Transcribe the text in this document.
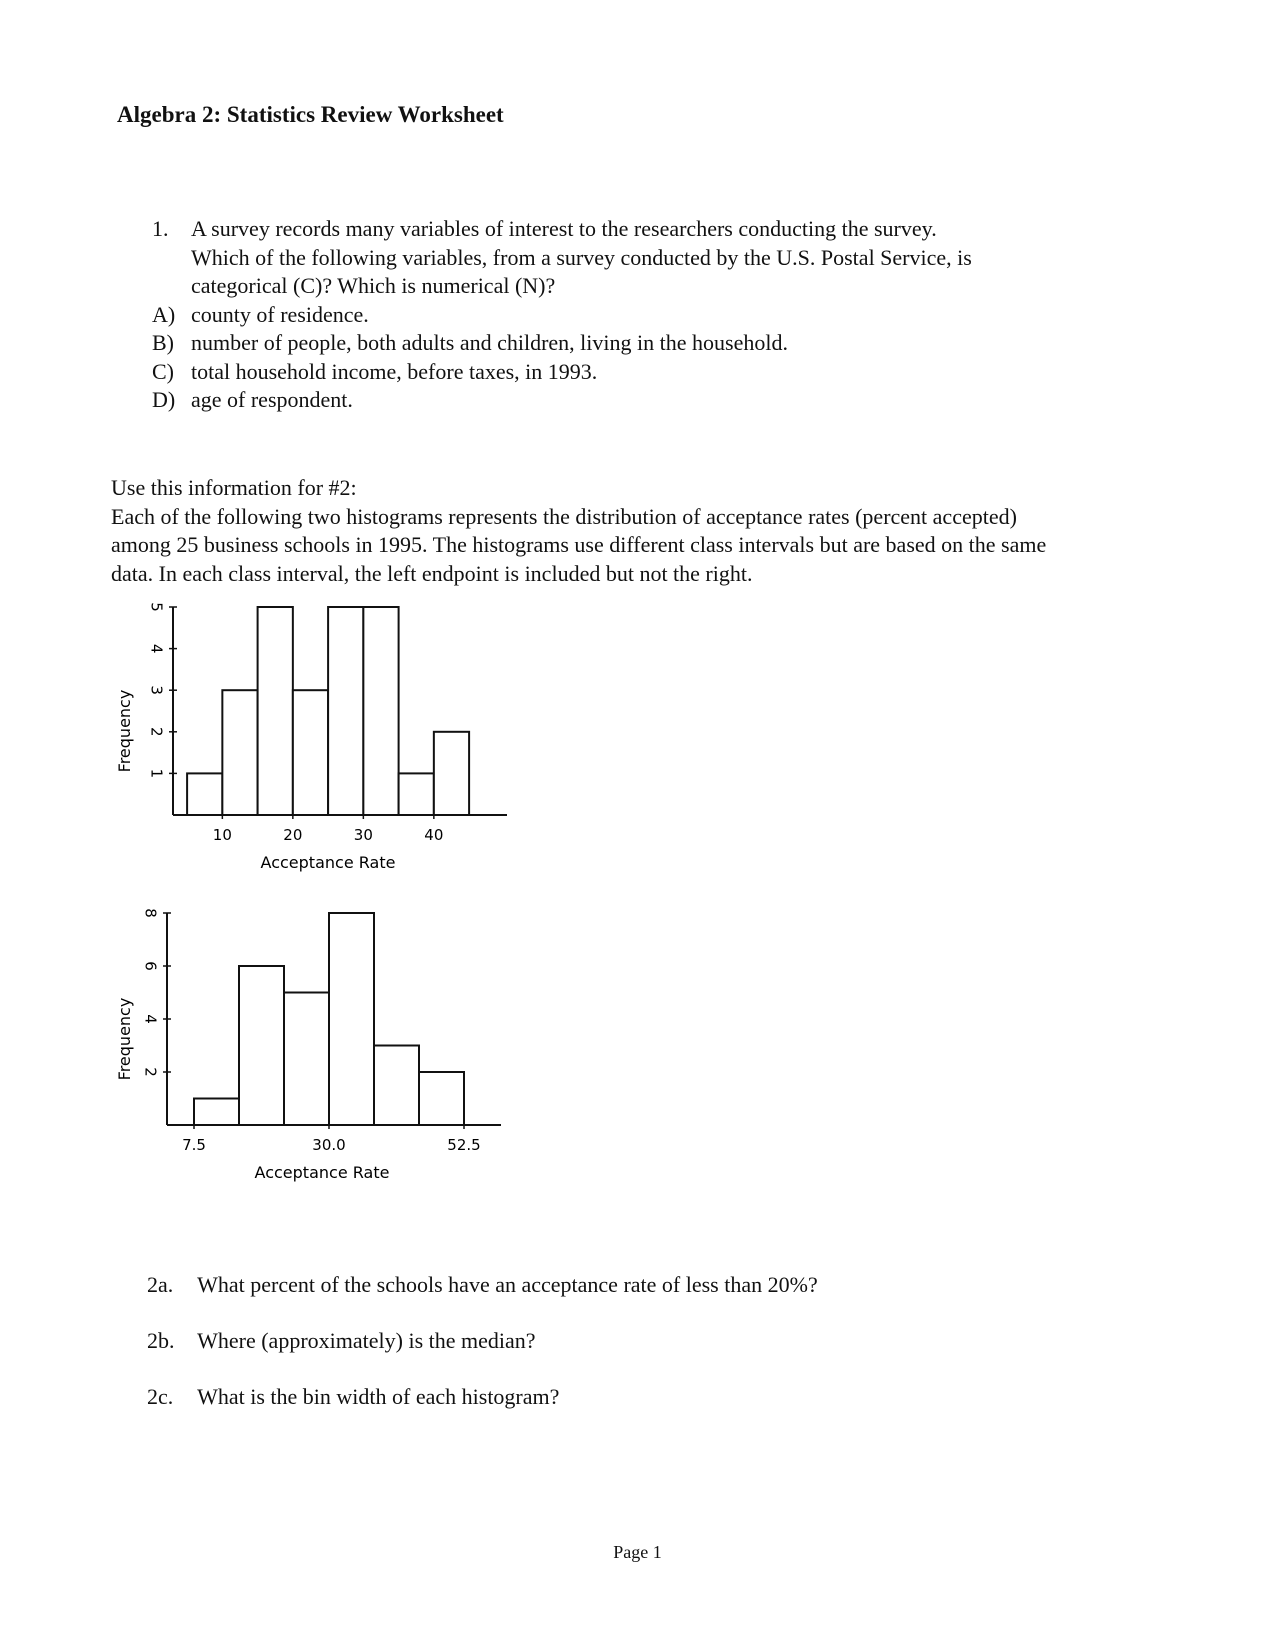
Algebra 2: Statistics Review Worksheet
1.	A survey records many variables of interest to the researchers conducting the survey.
Which of the following variables, from a survey conducted by the U.S. Postal Service, is
categorical (C)? Which is numerical (N)?
A) county of residence.
B) number of people, both adults and children, living in the household.
C) total household income, before taxes, in 1993.
D) age of respondent.
Use this information for #2:
Each of the following two histograms represents the distribution of acceptance rates (percent accepted)
among 25 business schools in 1995. The histograms use different class intervals but are based on the same
data. In each class interval, the left endpoint is included but not the right.
1
2
3
4
5
10	20	30	40
Acceptance Rate
Frequency
2
4
6
8
7.5	30.0	52.5
Acceptance Rate
Frequency
2a. What percent of the schools have an acceptance rate of less than 20%?
2b. Where (approximately) is the median?
2c. What is the bin width of each histogram?
Page 1
